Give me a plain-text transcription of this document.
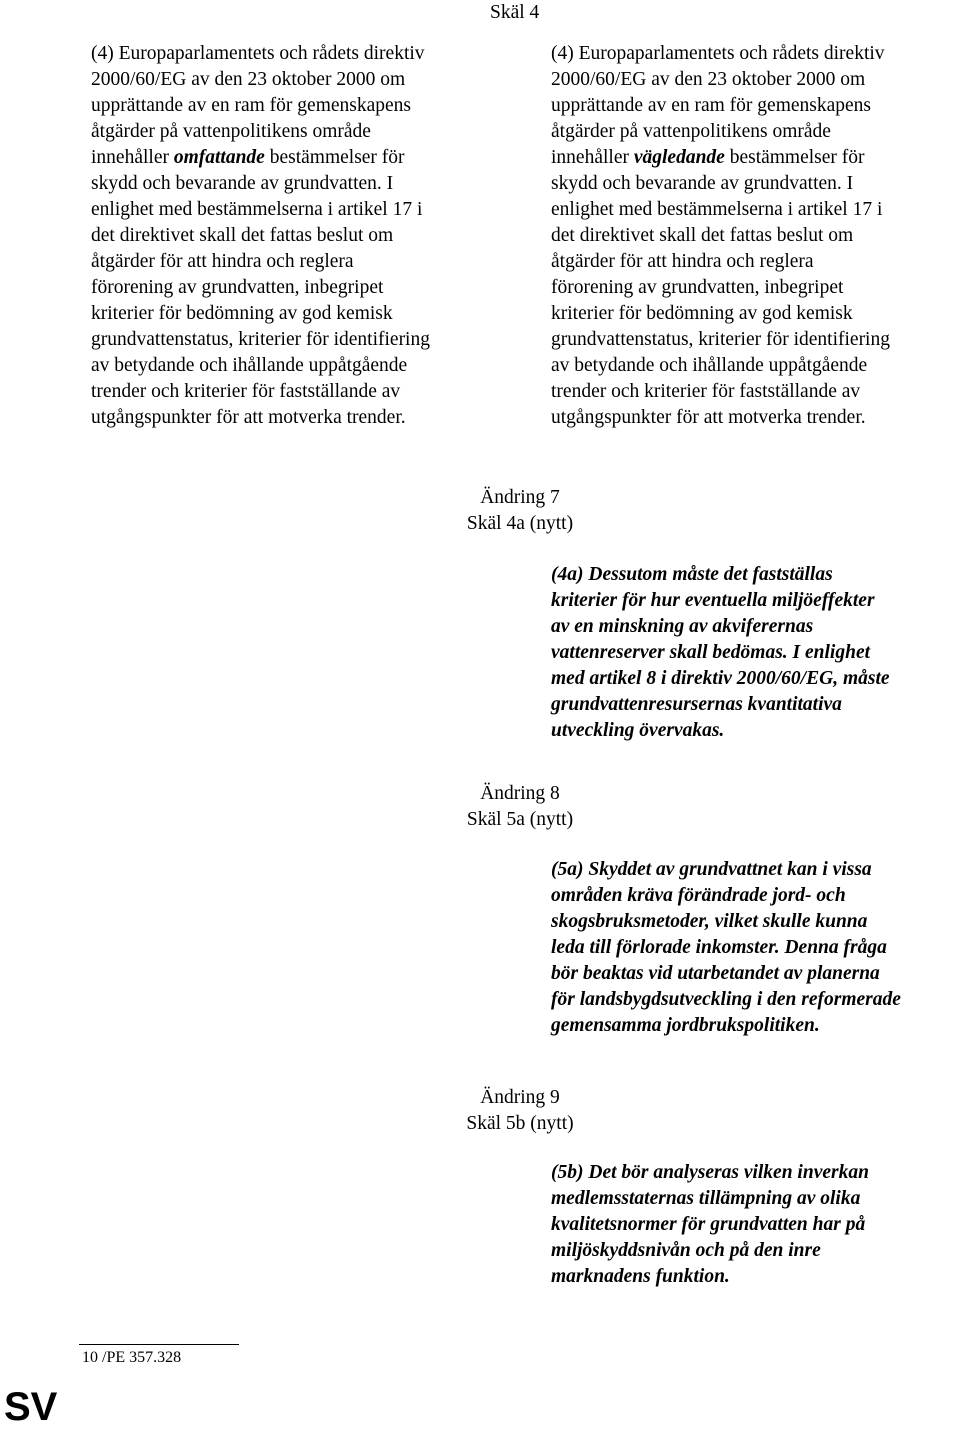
Skäl 4
(4) Europaparlamentets och rådets direktiv
2000/60/EG av den 23 oktober 2000 om
upprättande av en ram för gemenskapens
åtgärder på vattenpolitikens område
innehåller omfattande bestämmelser för
skydd och bevarande av grundvatten. I
enlighet med bestämmelserna i artikel 17 i
det direktivet skall det fattas beslut om
åtgärder för att hindra och reglera
förorening av grundvatten, inbegripet
kriterier för bedömning av god kemisk
grundvattenstatus, kriterier för identifiering
av betydande och ihållande uppåtgående
trender och kriterier för fastställande av
utgångspunkter för att motverka trender.
(4) Europaparlamentets och rådets direktiv
2000/60/EG av den 23 oktober 2000 om
upprättande av en ram för gemenskapens
åtgärder på vattenpolitikens område
innehåller vägledande bestämmelser för
skydd och bevarande av grundvatten. I
enlighet med bestämmelserna i artikel 17 i
det direktivet skall det fattas beslut om
åtgärder för att hindra och reglera
förorening av grundvatten, inbegripet
kriterier för bedömning av god kemisk
grundvattenstatus, kriterier för identifiering
av betydande och ihållande uppåtgående
trender och kriterier för fastställande av
utgångspunkter för att motverka trender.
Ändring 7
Skäl 4a (nytt)
(4a) Dessutom måste det fastställas
kriterier för hur eventuella miljöeffekter
av en minskning av akviferernas
vattenreserver skall bedömas. I enlighet
med artikel 8 i direktiv 2000/60/EG, måste
grundvattenresursernas kvantitativa
utveckling övervakas.
Ändring 8
Skäl 5a (nytt)
(5a) Skyddet av grundvattnet kan i vissa
områden kräva förändrade jord- och
skogsbruksmetoder, vilket skulle kunna
leda till förlorade inkomster. Denna fråga
bör beaktas vid utarbetandet av planerna
för landsbygdsutveckling i den reformerade
gemensamma jordbrukspolitiken.
Ändring 9
Skäl 5b (nytt)
(5b) Det bör analyseras vilken inverkan
medlemsstaternas tillämpning av olika
kvalitetsnormer för grundvatten har på
miljöskyddsnivån och på den inre
marknadens funktion.
10 /PE 357.328
SV
